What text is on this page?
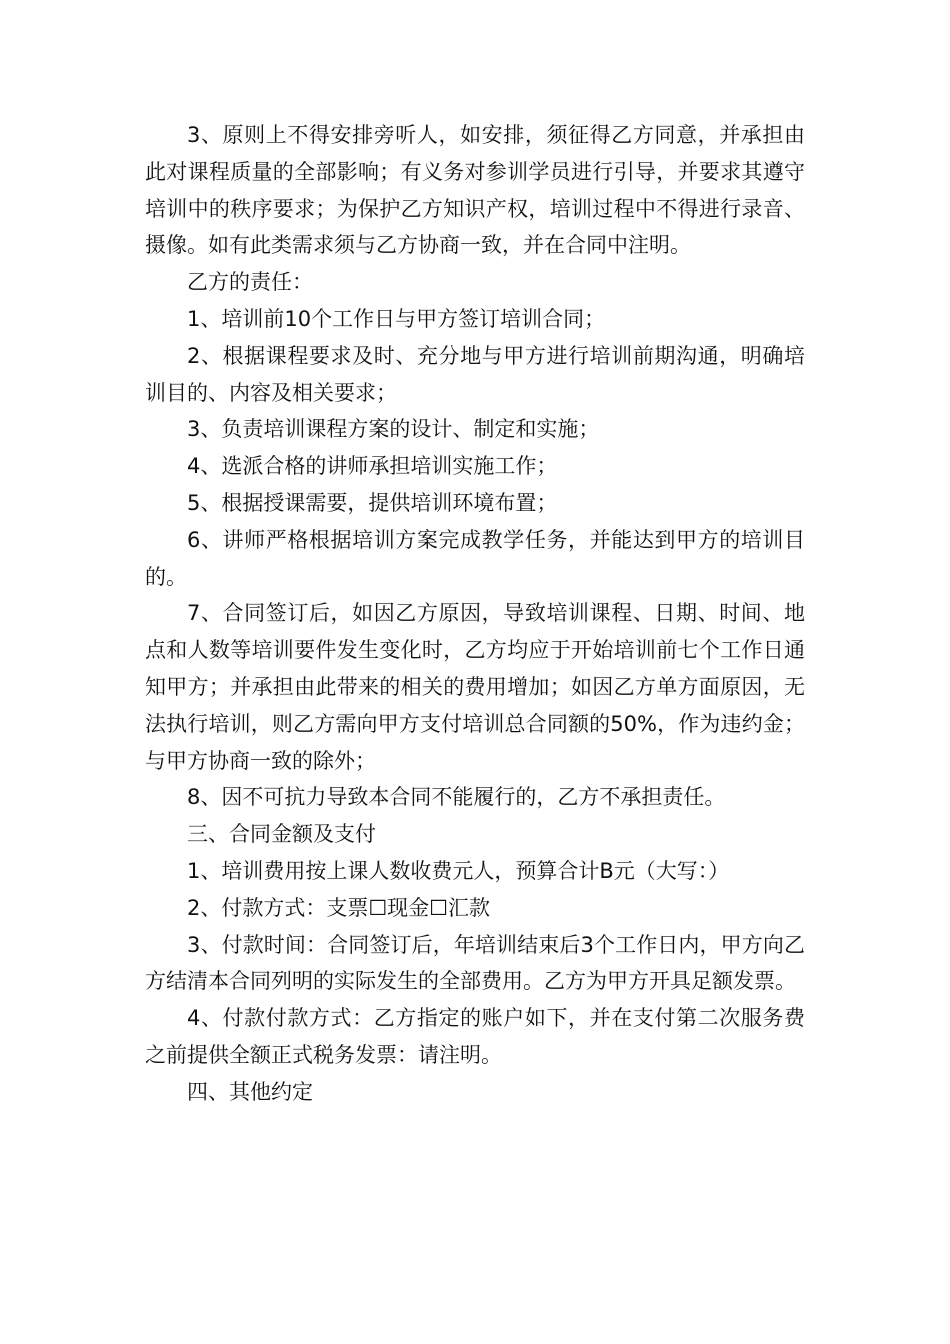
3、原则上不得安排旁听人，如安排，须征得乙方同意，并承担由此对课程质量的全部影响；有义务对参训学员进行引导，并要求其遵守培训中的秩序要求；为保护乙方知识产权，培训过程中不得进行录音、摄像。如有此类需求须与乙方协商一致，并在合同中注明。

乙方的责任：

1、培训前10个工作日与甲方签订培训合同；

2、根据课程要求及时、充分地与甲方进行培训前期沟通，明确培训目的、内容及相关要求；

3、负责培训课程方案的设计、制定和实施；

4、选派合格的讲师承担培训实施工作；

5、根据授课需要，提供培训环境布置；

6、讲师严格根据培训方案完成教学任务，并能达到甲方的培训目的。

7、合同签订后，如因乙方原因，导致培训课程、日期、时间、地点和人数等培训要件发生变化时，乙方均应于开始培训前七个工作日通知甲方；并承担由此带来的相关的费用增加；如因乙方单方面原因，无法执行培训，则乙方需向甲方支付培训总合同额的50%，作为违约金；与甲方协商一致的除外；

8、因不可抗力导致本合同不能履行的，乙方不承担责任。

三、合同金额及支付

1、培训费用按上课人数收费元人，预算合计B元（大写：）

2、付款方式：支票☐现金☐汇款

3、付款时间：合同签订后，年培训结束后3个工作日内，甲方向乙方结清本合同列明的实际发生的全部费用。乙方为甲方开具足额发票。

4、付款付款方式：乙方指定的账户如下，并在支付第二次服务费之前提供全额正式税务发票：请注明。

四、其他约定
